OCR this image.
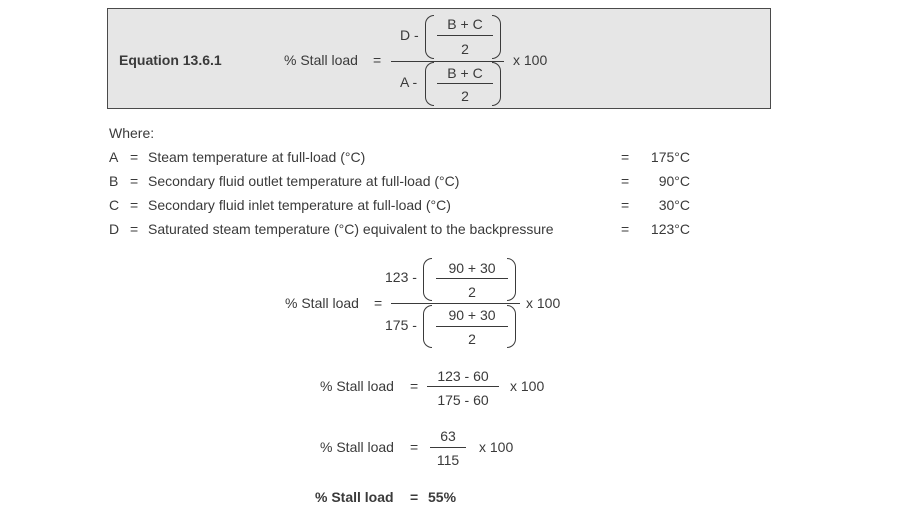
Equation 13.6.1	% Stall load =
D -
B + C
2
x 100
A -
B + C
2
Where:
A = Steam temperature at full-load (°C)	=	175°C
B = Secondary fluid outlet temperature at full-load (°C)	=	90°C
C = Secondary fluid inlet temperature at full-load (°C)	=	30°C
D = Saturated steam temperature (°C) equivalent to the backpressure	=	123°C
% Stall load =
123 -
90 + 30
2
x 100
175 -
90 + 30
2
% Stall load =
123 - 60
175 - 60
x 100
% Stall load =
63
115
x 100
% Stall load = 55%
